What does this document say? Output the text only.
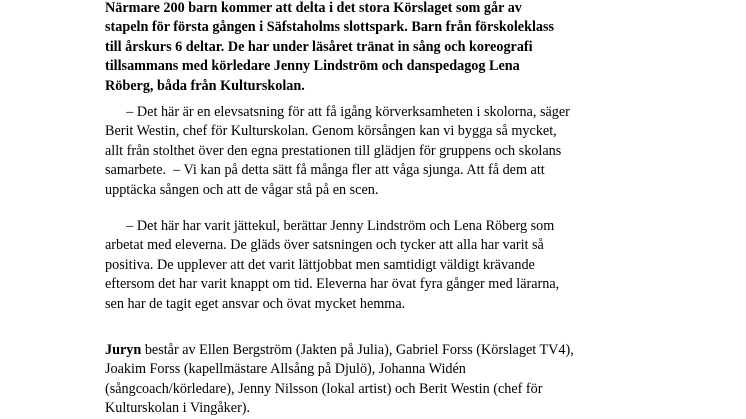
Närmare 200 barn kommer att delta i det stora Körslaget som går av
stapeln för första gången i Säfstaholms slottspark. Barn från förskoleklass
till årskurs 6 deltar. De har under läsåret tränat in sång och koreografi
tillsammans med körledare Jenny Lindström och danspedagog Lena
Röberg, båda från Kulturskolan.
– Det här är en elevsatsning för att få igång körverksamheten i skolorna, säger
Berit Westin, chef för Kulturskolan. Genom körsången kan vi bygga så mycket,
allt från stolthet över den egna prestationen till glädjen för gruppens och skolans
samarbete.  – Vi kan på detta sätt få många fler att våga sjunga. Att få dem att
upptäcka sången och att de vågar stå på en scen.
– Det här har varit jättekul, berättar Jenny Lindström och Lena Röberg som
arbetat med eleverna. De gläds över satsningen och tycker att alla har varit så
positiva. De upplever att det varit lättjobbat men samtidigt väldigt krävande
eftersom det har varit knappt om tid. Eleverna har övat fyra gånger med lärarna,
sen har de tagit eget ansvar och övat mycket hemma.
Juryn består av Ellen Bergström (Jakten på Julia), Gabriel Forss (Körslaget TV4),
Joakim Forss (kapellmästare Allsång på Djulö), Johanna Widén
(sångcoach/körledare), Jenny Nilsson (lokal artist) och Berit Westin (chef för
Kulturskolan i Vingåker).
